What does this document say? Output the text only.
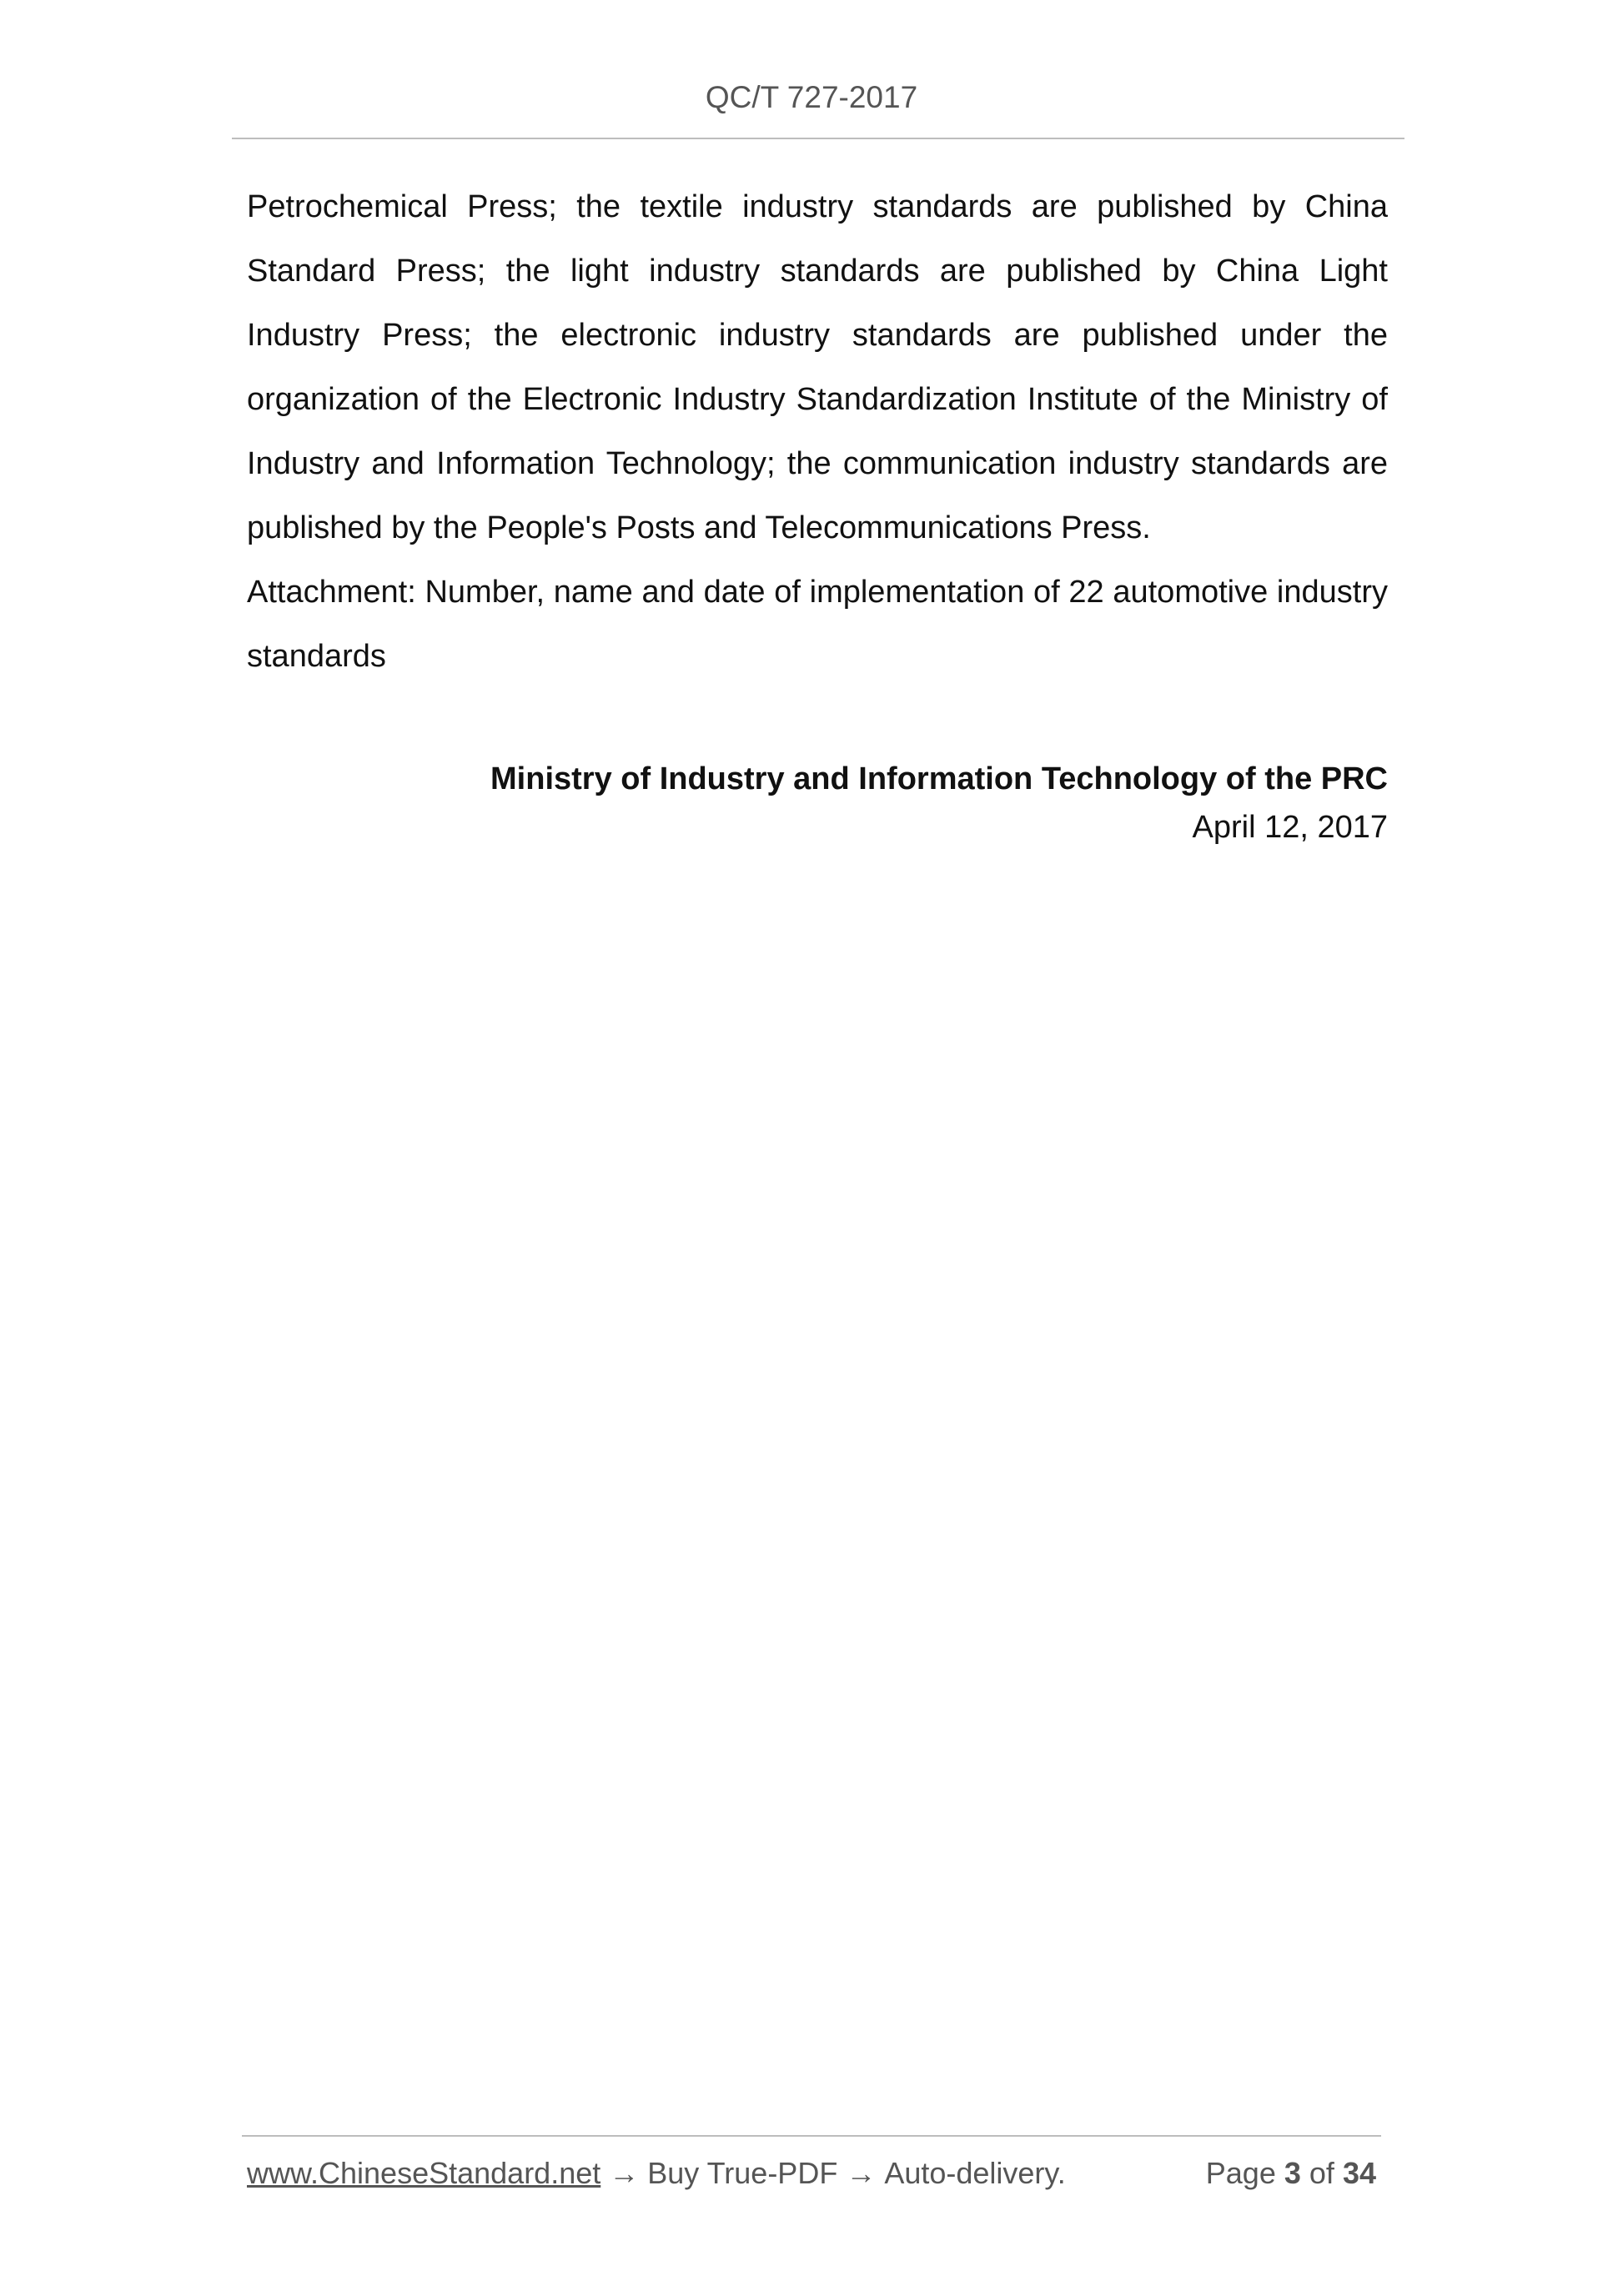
QC/T 727-2017

Petrochemical Press; the textile industry standards are published by China Standard Press; the light industry standards are published by China Light Industry Press; the electronic industry standards are published under the organization of the Electronic Industry Standardization Institute of the Ministry of Industry and Information Technology; the communication industry standards are published by the People's Posts and Telecommunications Press.

Attachment: Number, name and date of implementation of 22 automotive industry standards

Ministry of Industry and Information Technology of the PRC
April 12, 2017
www.ChineseStandard.net → Buy True-PDF → Auto-delivery.	Page 3 of 34
